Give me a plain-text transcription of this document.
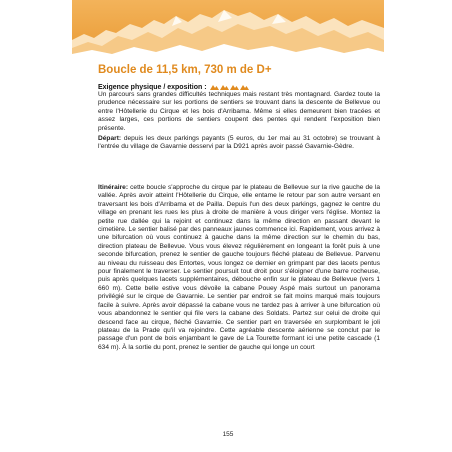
Boucle de 11,5 km, 730 m de D+
Exigence physique / exposition :
Un parcours sans grandes difficultés techniques mais restant très montagnard. Gardez toute la prudence nécessaire sur les portions de sentiers se trouvant dans la descente de Bellevue ou entre l'Hôtellerie du Cirque et les bois d'Arribama. Même si elles demeurent bien tracées et assez larges, ces portions de sentiers coupent des pentes qui rendent l'exposition bien présente.
Départ: depuis les deux parkings payants (5 euros, du 1er mai au 31 octobre) se trouvant à l'entrée du village de Gavarnie desservi par la D921 après avoir passé Gavarnie-Gèdre.
Itinéraire: cette boucle s'approche du cirque par le plateau de Bellevue sur la rive gauche de la vallée. Après avoir atteint l'Hôtellerie du Cirque, elle entame le retour par son autre versant en traversant les bois d'Arribama et de Pailla. Depuis l'un des deux parkings, gagnez le centre du village en prenant les rues les plus à droite de manière à vous diriger vers l'église. Montez la petite rue dallée qui la rejoint et continuez dans la même direction en passant devant le cimetière. Le sentier balisé par des panneaux jaunes commence ici. Rapidement, vous arrivez à une bifurcation où vous continuez à gauche dans la même direction sur le chemin du bas, direction plateau de Bellevue. Vous vous élevez régulièrement en longeant la forêt puis à une seconde bifurcation, prenez le sentier de gauche toujours fléché plateau de Bellevue. Parvenu au niveau du ruisseau des Entortes, vous longez ce dernier en grimpant par des lacets pentus pour finalement le traverser. Le sentier poursuit tout droit pour s'éloigner d'une barre rocheuse, puis après quelques lacets supplémentaires, débouche enfin sur le plateau de Bellevue (vers 1 660 m). Cette belle estive vous dévoile la cabane Pouey Aspé mais surtout un panorama privilégié sur le cirque de Gavarnie. Le sentier par endroit se fait moins marqué mais toujours facile à suivre. Après avoir dépassé la cabane vous ne tardez pas à arriver à une bifurcation où vous abandonnez le sentier qui file vers la cabane des Soldats. Partez sur celui de droite qui descend face au cirque, fléché Gavarnie. Ce sentier part en traversée en surplombant le joli plateau de la Prade qu'il va rejoindre. Cette agréable descente aérienne se conclut par le passage d'un pont de bois enjambant le gave de La Tourette formant ici une petite cascade (1 634 m). À la sortie du pont, prenez le sentier de gauche qui longe un court
155
